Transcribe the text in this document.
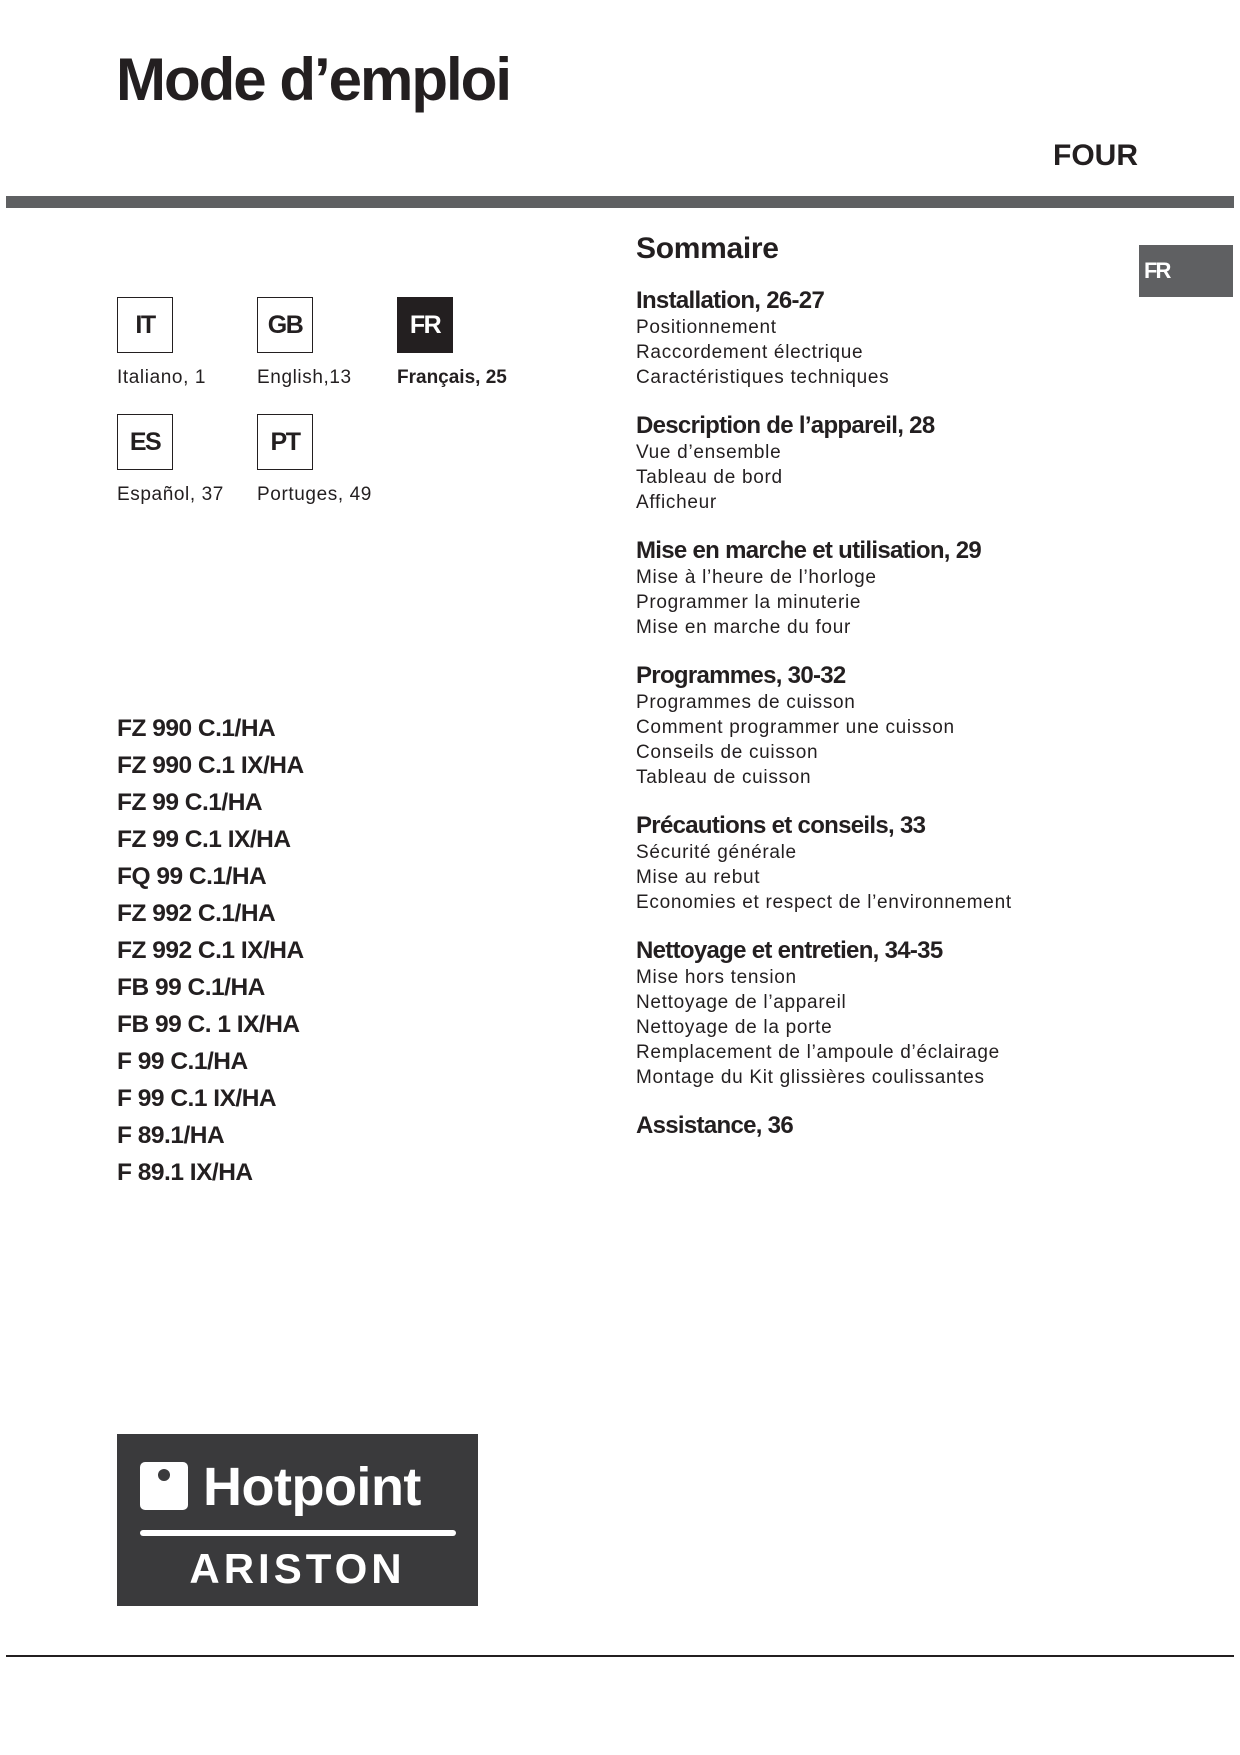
Mode d’emploi
FOUR
FR
IT
Italiano, 1
GB
English,13
FR
Français, 25
ES
Español, 37
PT
Portuges, 49
FZ 990 C.1/HA
FZ 990 C.1 IX/HA
FZ 99 C.1/HA
FZ 99 C.1 IX/HA
FQ 99 C.1/HA
FZ 992 C.1/HA
FZ 992 C.1 IX/HA
FB 99 C.1/HA
FB 99 C. 1 IX/HA
F 99 C.1/HA
F 99 C.1 IX/HA
F 89.1/HA
F 89.1 IX/HA
Sommaire
Installation, 26-27
Positionnement
Raccordement électrique
Caractéristiques techniques
Description de l’appareil, 28
Vue d’ensemble
Tableau de bord
Afficheur
Mise en marche et utilisation, 29
Mise à l’heure de l’horloge
Programmer la minuterie
Mise en marche du four
Programmes, 30-32
Programmes de cuisson
Comment programmer une cuisson
Conseils de cuisson
Tableau de cuisson
Précautions et conseils, 33
Sécurité générale
Mise au rebut
Economies et respect de l’environnement
Nettoyage et entretien, 34-35
Mise hors tension
Nettoyage de l’appareil
Nettoyage de la porte
Remplacement de l’ampoule d’éclairage
Montage du Kit glissières coulissantes
Assistance, 36
Hotpoint
ARISTON
